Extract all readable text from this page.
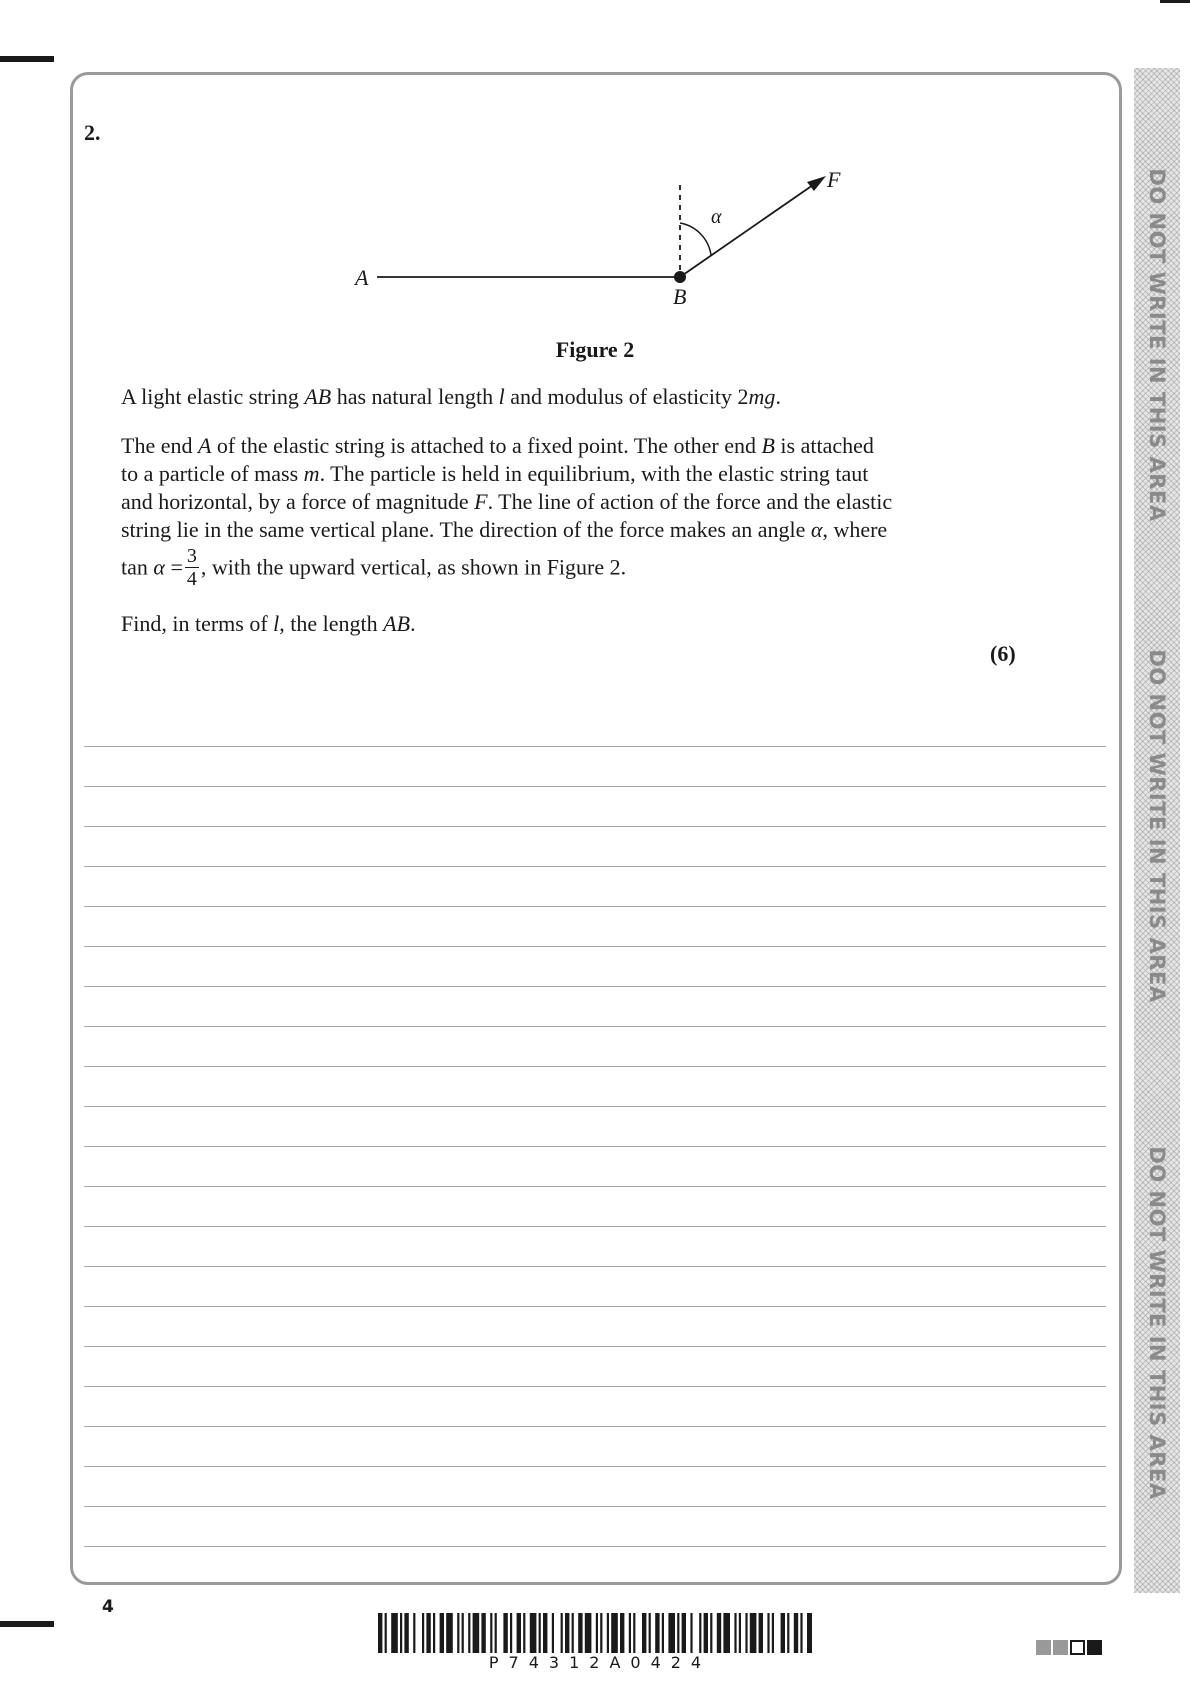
DO NOT WRITE IN THIS AREA
DO NOT WRITE IN THIS AREA
DO NOT WRITE IN THIS AREA
2.
A
B
F
α
Figure 2
A light elastic string AB has natural length l and modulus of elasticity 2mg.
The end A of the elastic string is attached to a fixed point. The other end B is attached
to a particle of mass m. The particle is held in equilibrium, with the elastic string taut
and horizontal, by a force of magnitude F. The line of action of the force and the elastic
string lie in the same vertical plane. The direction of the force makes an angle α, where
$\tan \alpha = \frac{3}{4}$ , with the upward vertical, as shown in Figure 2.
Find, in terms of l, the length AB.
(6)
4
P74312A0424
